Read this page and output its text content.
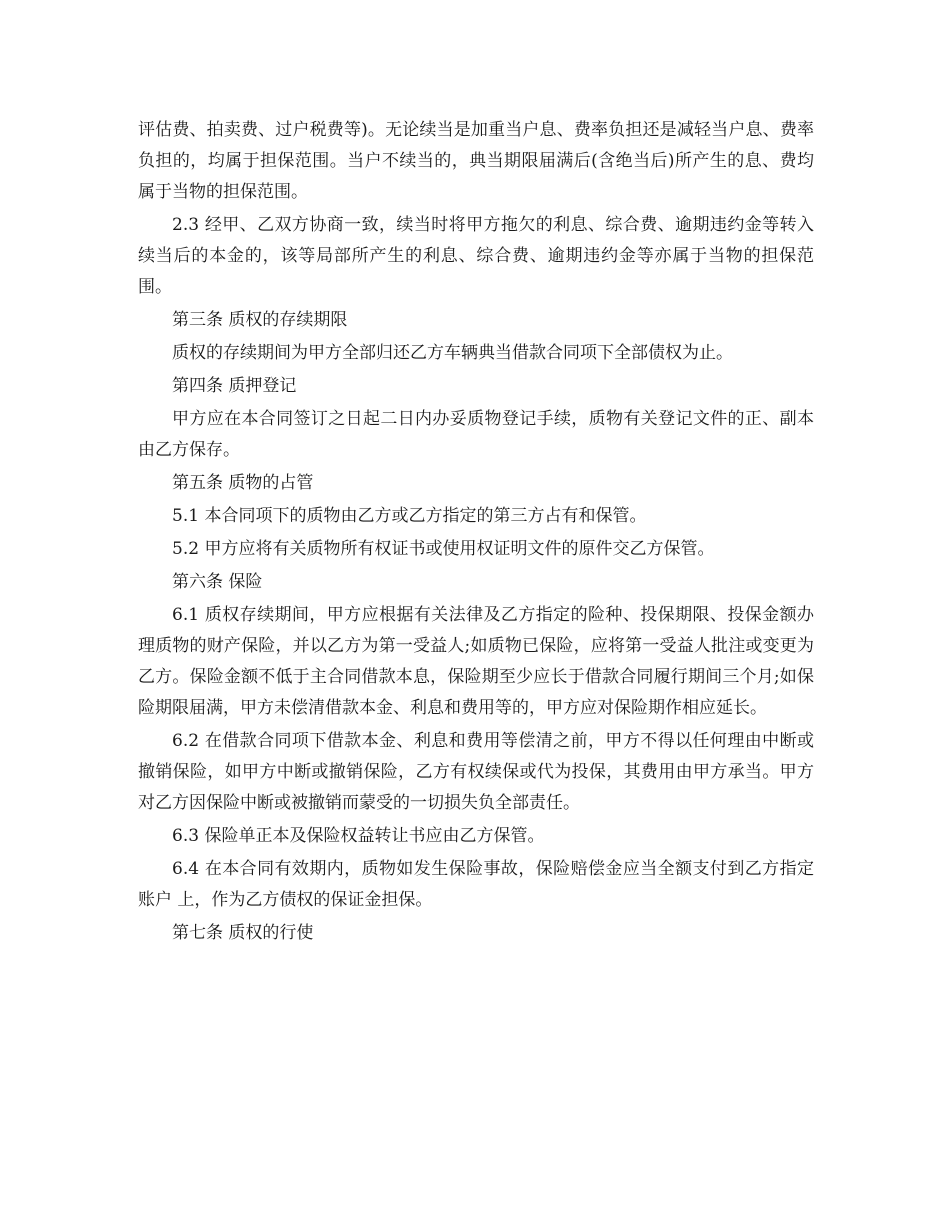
评估费、拍卖费、过户税费等)。无论续当是加重当户息、费率负担还是减轻当户息、费率负担的，均属于担保范围。当户不续当的，典当期限届满后(含绝当后)所产生的息、费均属于当物的担保范围。

2.3 经甲、乙双方协商一致，续当时将甲方拖欠的利息、综合费、逾期违约金等转入续当后的本金的，该等局部所产生的利息、综合费、逾期违约金等亦属于当物的担保范围。

第三条 质权的存续期限

质权的存续期间为甲方全部归还乙方车辆典当借款合同项下全部债权为止。

第四条 质押登记

甲方应在本合同签订之日起二日内办妥质物登记手续，质物有关登记文件的正、副本由乙方保存。

第五条 质物的占管

5.1 本合同项下的质物由乙方或乙方指定的第三方占有和保管。

5.2 甲方应将有关质物所有权证书或使用权证明文件的原件交乙方保管。

第六条 保险

6.1 质权存续期间，甲方应根据有关法律及乙方指定的险种、投保期限、投保金额办理质物的财产保险，并以乙方为第一受益人;如质物已保险，应将第一受益人批注或变更为乙方。保险金额不低于主合同借款本息，保险期至少应长于借款合同履行期间三个月;如保险期限届满，甲方未偿清借款本金、利息和费用等的，甲方应对保险期作相应延长。

6.2 在借款合同项下借款本金、利息和费用等偿清之前，甲方不得以任何理由中断或撤销保险，如甲方中断或撤销保险，乙方有权续保或代为投保，其费用由甲方承当。甲方对乙方因保险中断或被撤销而蒙受的一切损失负全部责任。

6.3 保险单正本及保险权益转让书应由乙方保管。

6.4 在本合同有效期内，质物如发生保险事故，保险赔偿金应当全额支付到乙方指定账户 上，作为乙方债权的保证金担保。

第七条 质权的行使
